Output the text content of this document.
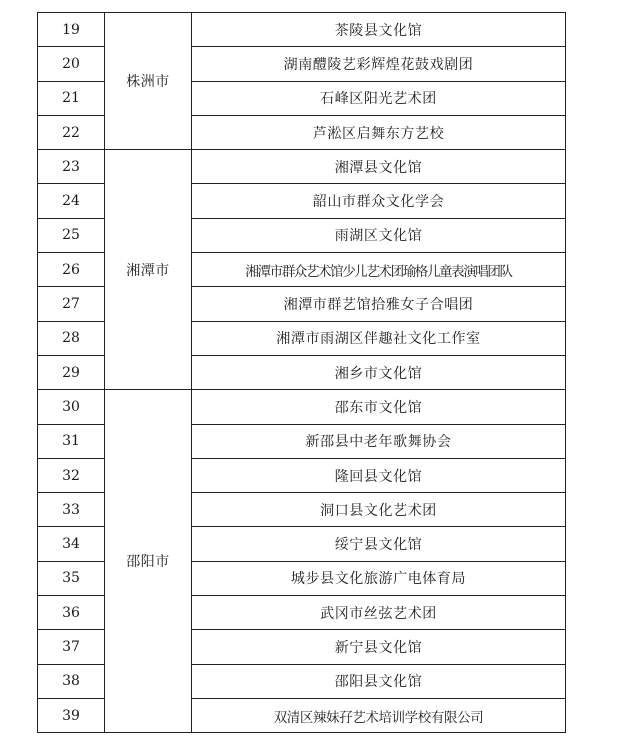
19	株洲市	茶陵县文化馆
20		湖南醴陵艺彩辉煌花鼓戏剧团
21		石峰区阳光艺术团
22		芦淞区启舞东方艺校
23	湘潭市	湘潭县文化馆
24		韶山市群众文化学会
25		雨湖区文化馆
26		湘潭市群众艺术馆少儿艺术团瑜格儿童表演唱团队
27		湘潭市群艺馆拾雅女子合唱团
28		湘潭市雨湖区伴趣社文化工作室
29		湘乡市文化馆
30	邵阳市	邵东市文化馆
31		新邵县中老年歌舞协会
32		隆回县文化馆
33		洞口县文化艺术团
34		绥宁县文化馆
35		城步县文化旅游广电体育局
36		武冈市丝弦艺术团
37		新宁县文化馆
38		邵阳县文化馆
39		双清区辣妹孖艺术培训学校有限公司
